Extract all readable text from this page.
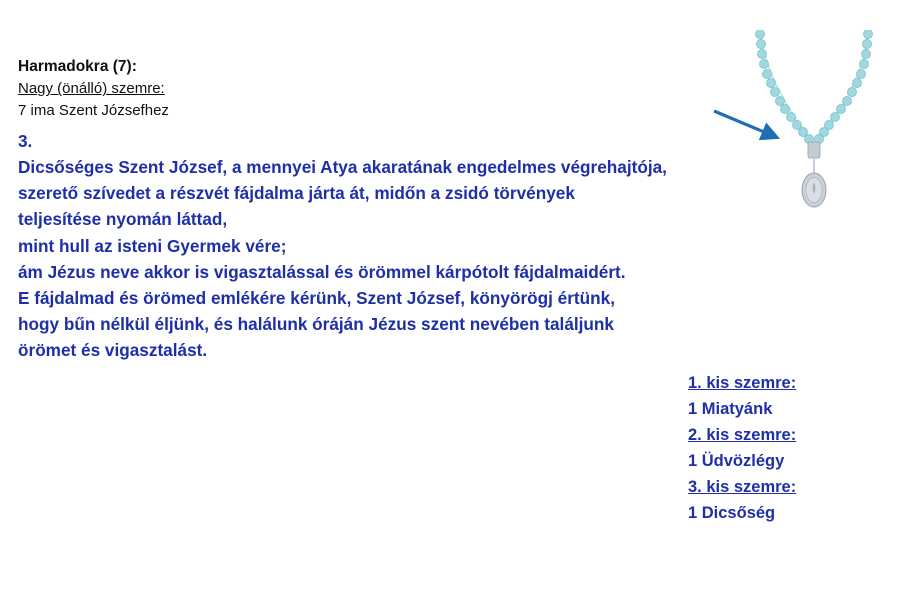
Harmadokra (7):
Nagy (önálló) szemre:
7 ima Szent Józsefhez

3.

Dicsőséges Szent József, a mennyei Atya akaratának engedelmes végrehajtója,

szerető szívedet a részvét fájdalma járta át, midőn a zsidó törvények

teljesítése nyomán láttad,

mint hull az isteni Gyermek vére;

ám Jézus neve akkor is vigasztalással és örömmel kárpótolt fájdalmaidért.

E fájdalmad és örömed emlékére kérünk, Szent József, könyörögj értünk,

hogy bűn nélkül éljünk, és halálunk óráján Jézus szent nevében találjunk

örömet és vigasztalást.

1. kis szemre:
1 Miatyánk
2. kis szemre:
1 Üdvözlégy
3. kis szemre:
1 Dicsőség
